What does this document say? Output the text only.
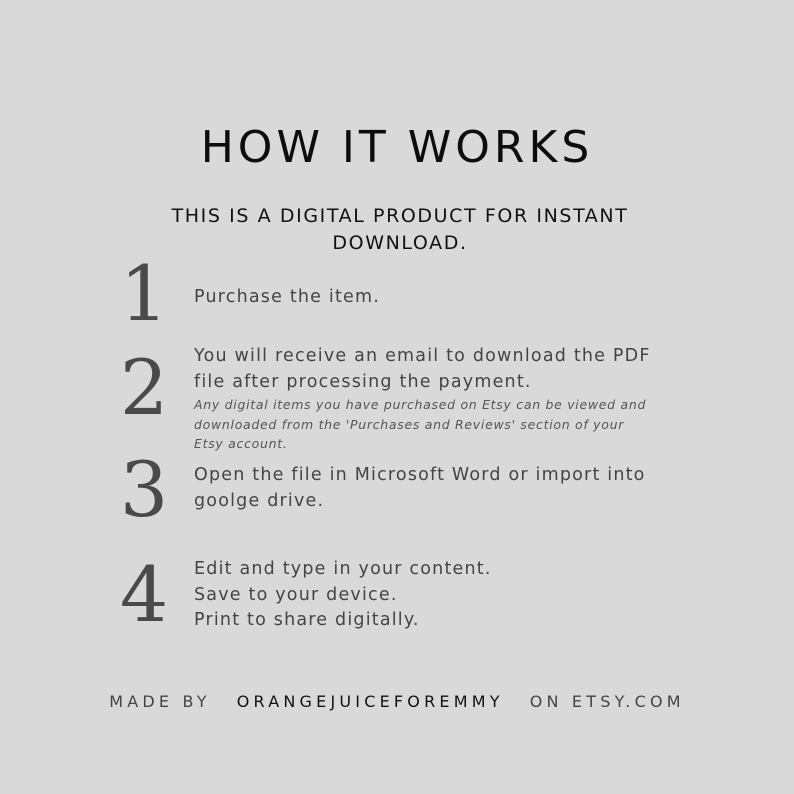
HOW IT WORKS
THIS IS A DIGITAL PRODUCT FOR INSTANT
DOWNLOAD.
1	Purchase the item.
2	You will receive an email to download the PDF
file after processing the payment.
Any digital items you have purchased on Etsy can be viewed and
downloaded from the 'Purchases and Reviews' section of your
Etsy account.
3	Open the file in Microsoft Word or import into
goolge drive.
4	Edit and type in your content.
Save to your device.
Print to share digitally.
MADE BY ORANGEJUICEFOREMMY ON ETSY.COM
